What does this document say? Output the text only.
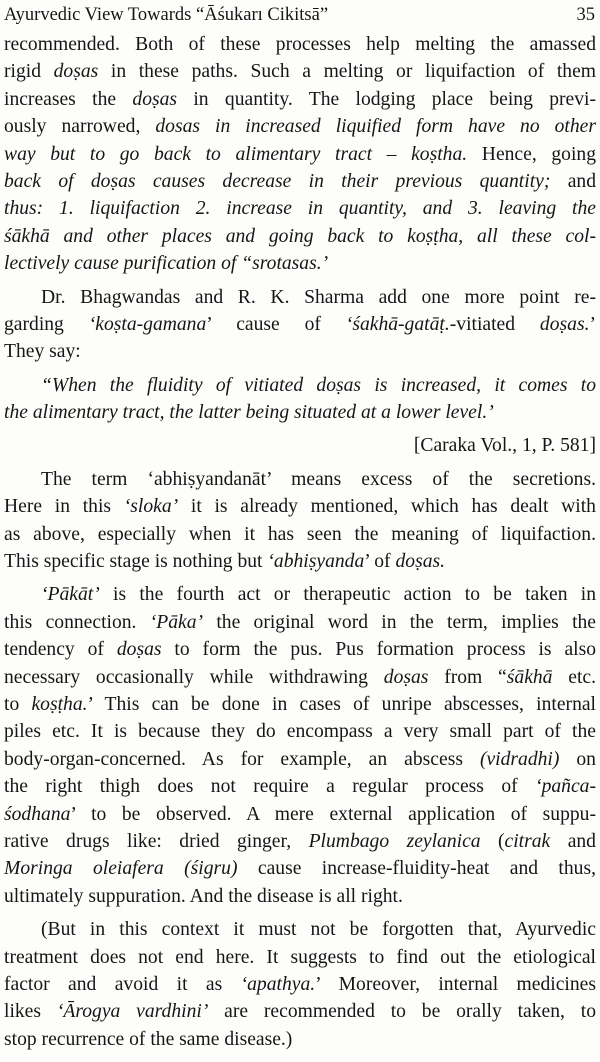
Ayurvedic View Towards “Āśukarı Cikitsā”	35
recommended. Both of these processes help melting the amassed
rigid doṣas in these paths. Such a melting or liquifaction of them
increases the doṣas in quantity. The lodging place being previ-
ously narrowed, dosas in increased liquified form have no other
way but to go back to alimentary tract – koṣtha. Hence, going
back of doṣas causes decrease in their previous quantity; and
thus: 1. liquifaction 2. increase in quantity, and 3. leaving the
śākhā and other places and going back to koṣṭha, all these col-
lectively cause purification of “srotasas.’
Dr. Bhagwandas and R. K. Sharma add one more point re-
garding ‘koṣta-gamana’ cause of ‘śakhā-gatāṭ.-vitiated doṣas.’
They say:
“When the fluidity of vitiated doṣas is increased, it comes to
the alimentary tract, the latter being situated at a lower level.’
[Caraka Vol., 1, P. 581]
The term ‘abhiṣyandanāt’ means excess of the secretions.
Here in this ‘sloka’ it is already mentioned, which has dealt with
as above, especially when it has seen the meaning of liquifaction.
This specific stage is nothing but ‘abhiṣyanda’ of doṣas.
‘Pākāt’ is the fourth act or therapeutic action to be taken in
this connection. ‘Pāka’ the original word in the term, implies the
tendency of doṣas to form the pus. Pus formation process is also
necessary occasionally while withdrawing doṣas from “śākhā etc.
to koṣṭha.’ This can be done in cases of unripe abscesses, internal
piles etc. It is because they do encompass a very small part of the
body-organ-concerned. As for example, an abscess (vidradhi) on
the right thigh does not require a regular process of ‘pañca-
śodhana’ to be observed. A mere external application of suppu-
rative drugs like: dried ginger, Plumbago zeylanica (citrak and
Moringa oleiafera (śigru) cause increase-fluidity-heat and thus,
ultimately suppuration. And the disease is all right.
(But in this context it must not be forgotten that, Ayurvedic
treatment does not end here. It suggests to find out the etiological
factor and avoid it as ‘apathya.’ Moreover, internal medicines
likes ‘Ārogya vardhini’ are recommended to be orally taken, to
stop recurrence of the same disease.)
